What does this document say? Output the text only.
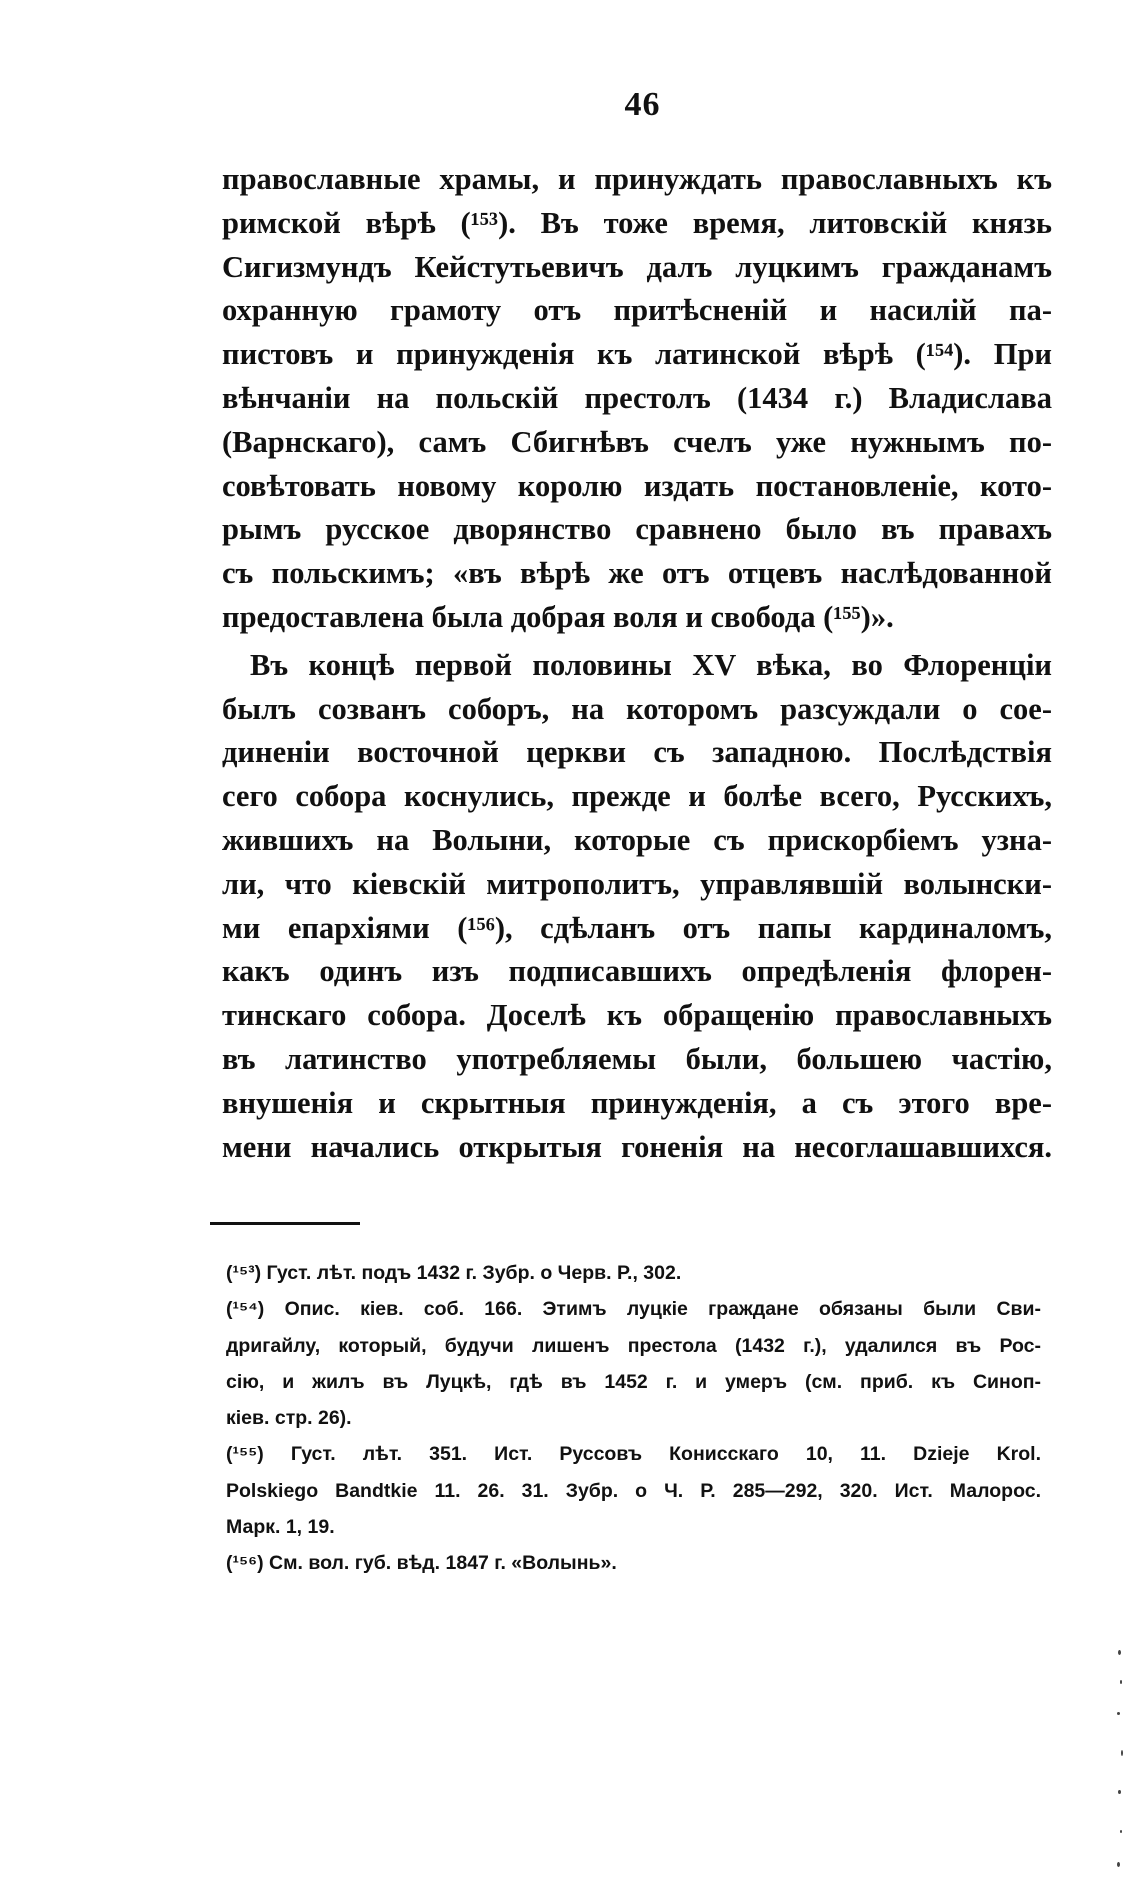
46
православные храмы, и принуждать православныхъ къ
римской вѣрѣ (¹⁵³). Въ тоже время, литовскій князь
Сигизмундъ Кейстутьевичъ далъ луцкимъ гражданамъ
охранную грамоту отъ притѣсненій и насилій па-
пистовъ и принужденія къ латинской вѣрѣ (¹⁵⁴). При
вѣнчаніи на польскій престолъ (1434 г.) Владислава
(Варнскаго), самъ Сбигнѣвъ счелъ уже нужнымъ по-
совѣтовать новому королю издать постановленіе, кото-
рымъ русское дворянство сравнено было въ правахъ
съ польскимъ; «въ вѣрѣ же отъ отцевъ наслѣдованной
предоставлена была добрая воля и свобода (¹⁵⁵)».
Въ концѣ первой половины XV вѣка, во Флоренціи
былъ созванъ соборъ, на которомъ разсуждали о сое-
диненіи восточной церкви съ западною. Послѣдствія
сего собора коснулись, прежде и болѣе всего, Русскихъ,
жившихъ на Волыни, которые съ прискорбіемъ узна-
ли, что кіевскій митрополитъ, управлявшій волынски-
ми епархіями (¹⁵⁶), сдѣланъ отъ папы кардиналомъ,
какъ одинъ изъ подписавшихъ опредѣленія флорен-
тинскаго собора. Доселѣ къ обращенію православныхъ
въ латинство употребляемы были, большею частію,
внушенія и скрытныя принужденія, а съ этого вре-
мени начались открытыя гоненія на несоглашавшихся.
(¹⁵³) Густ. лѣт. подъ 1432 г. Зубр. о Черв. Р., 302.
(¹⁵⁴) Опис. кіев. соб. 166. Этимъ луцкіе граждане обязаны были Сви-
дригайлу, который, будучи лишенъ престола (1432 г.), удалился въ Рос-
сію, и жилъ въ Луцкѣ, гдѣ въ 1452 г. и умеръ (см. приб. къ Синоп-
кіев. стр. 26).
(¹⁵⁵) Густ. лѣт. 351. Ист. Руссовъ Конисскаго 10, 11. Dzieje Krol.
Polskiego Bandtkie 11. 26. 31. Зубр. о Ч. Р. 285—292, 320. Ист. Малорос.
Марк. 1, 19.
(¹⁵⁶) См. вол. губ. вѣд. 1847 г. «Волынь».
